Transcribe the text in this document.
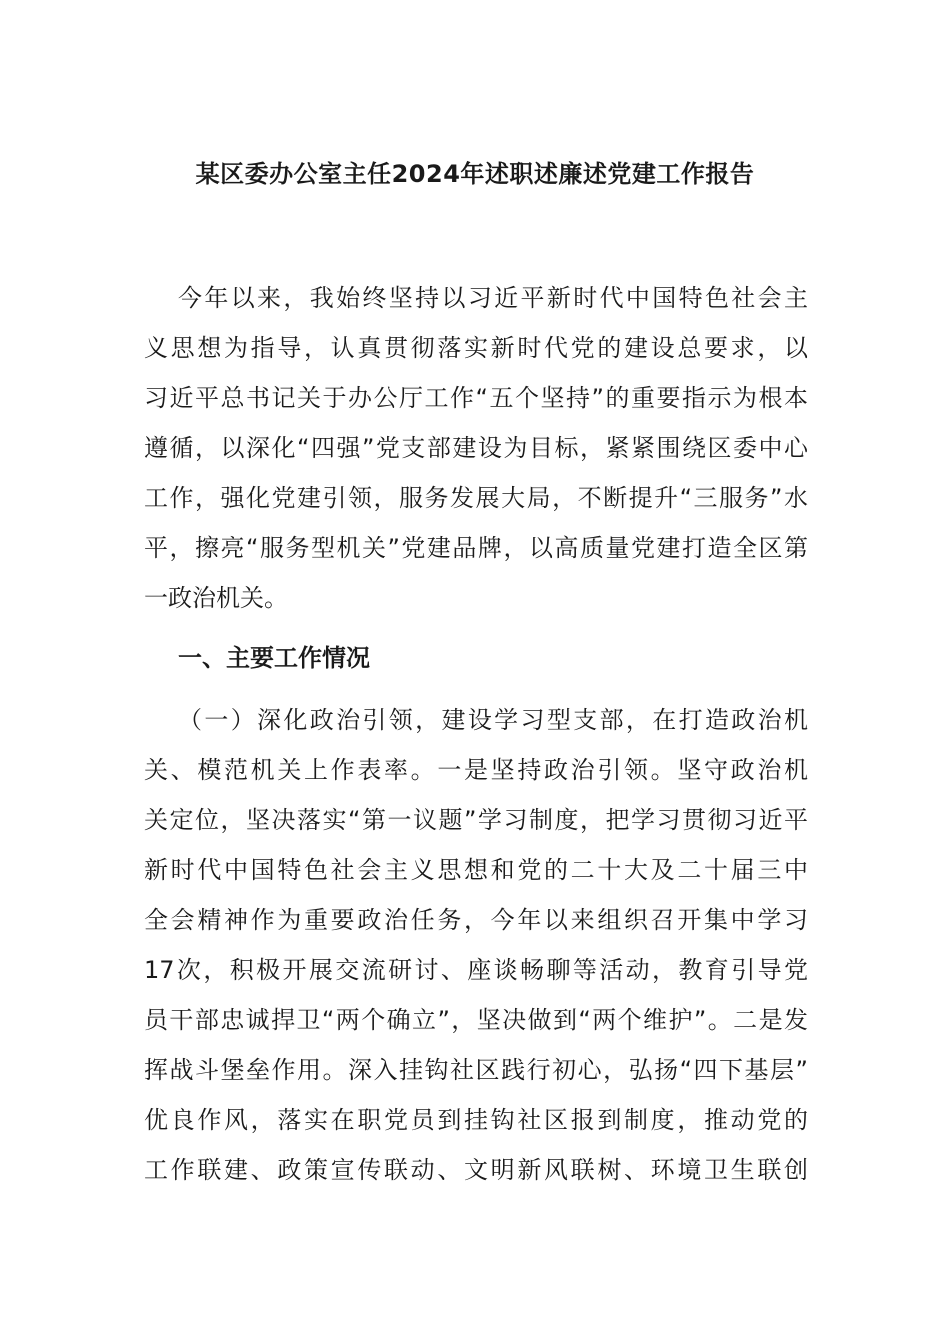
某区委办公室主任2024年述职述廉述党建工作报告
今年以来，我始终坚持以习近平新时代中国特色社会主
义思想为指导，认真贯彻落实新时代党的建设总要求，以
习近平总书记关于办公厅工作“五个坚持”的重要指示为根本
遵循，以深化“四强”党支部建设为目标，紧紧围绕区委中心
工作，强化党建引领，服务发展大局，不断提升“三服务”水
平，擦亮“服务型机关”党建品牌，以高质量党建打造全区第
一政治机关。
一、主要工作情况
（一）深化政治引领，建设学习型支部，在打造政治机
关、模范机关上作表率。一是坚持政治引领。坚守政治机
关定位，坚决落实“第一议题”学习制度，把学习贯彻习近平
新时代中国特色社会主义思想和党的二十大及二十届三中
全会精神作为重要政治任务，今年以来组织召开集中学习
17次，积极开展交流研讨、座谈畅聊等活动，教育引导党
员干部忠诚捍卫“两个确立”，坚决做到“两个维护”。二是发
挥战斗堡垒作用。深入挂钩社区践行初心，弘扬“四下基层”
优良作风，落实在职党员到挂钩社区报到制度，推动党的
工作联建、政策宣传联动、文明新风联树、环境卫生联创
